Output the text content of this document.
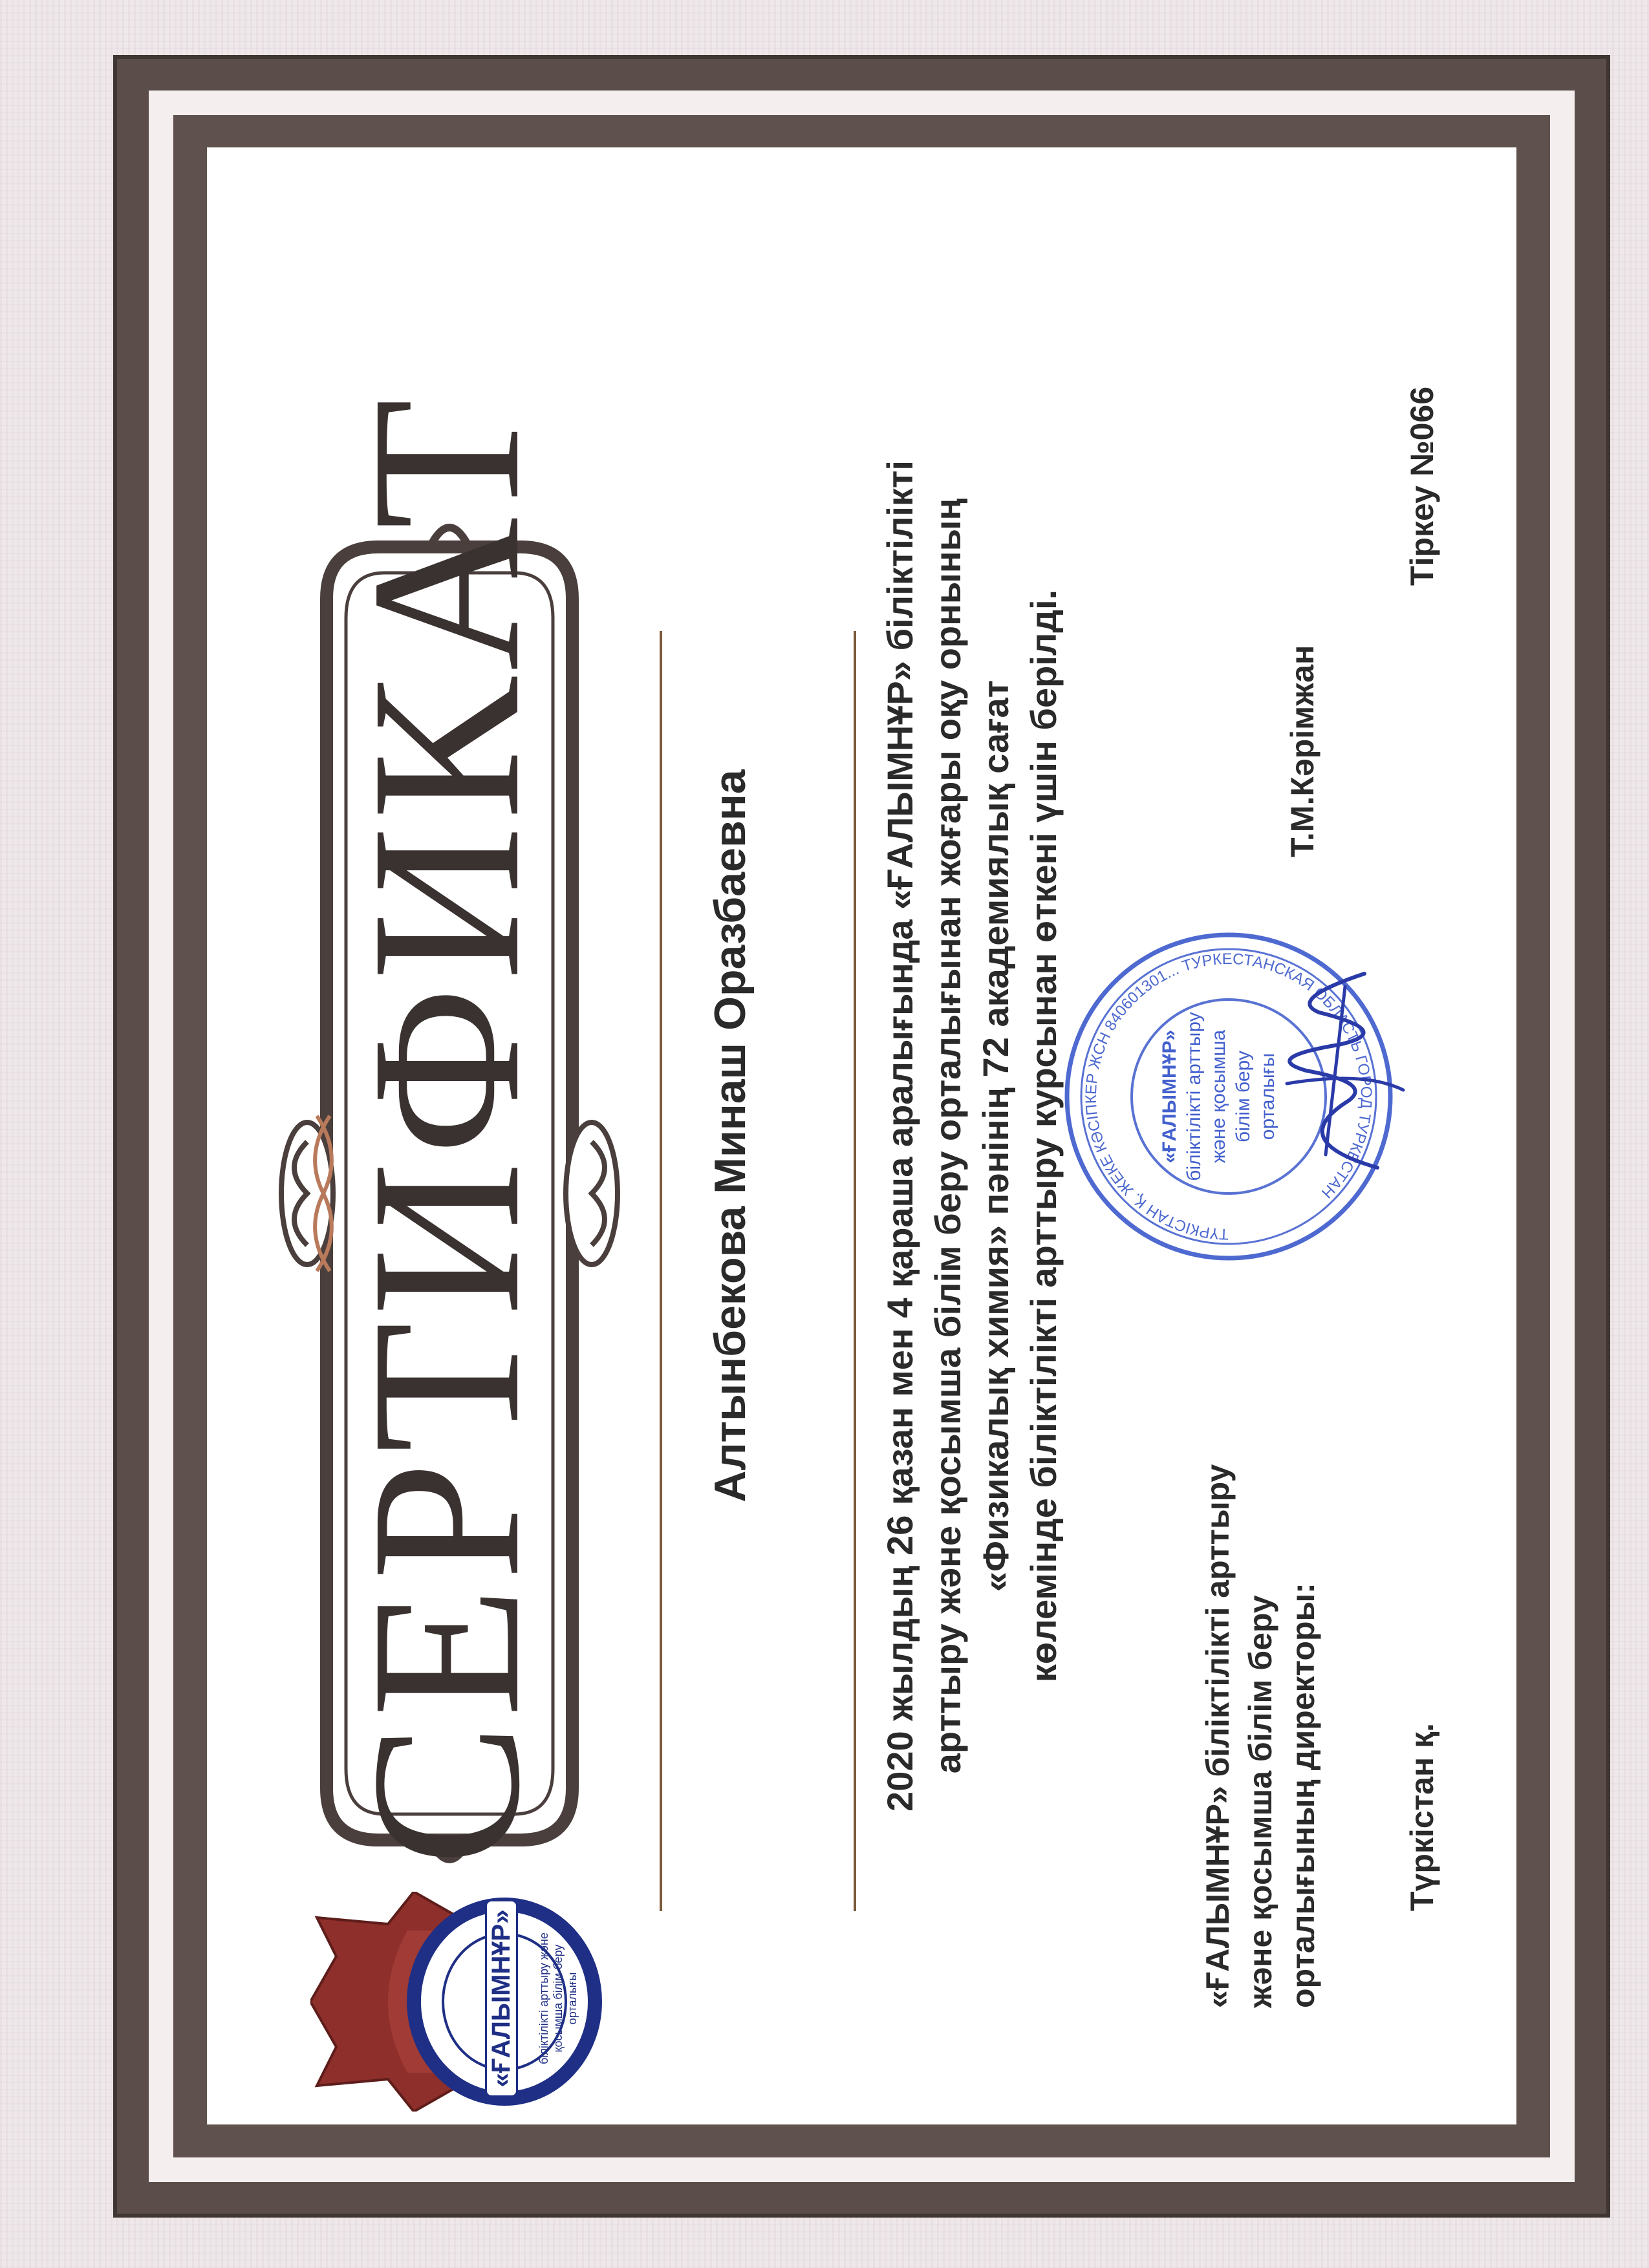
«ҒАЛЫМНҰР» біліктілікті арттыру және қосымша білім беру орталығы
СЕРТИФИКАТ	Алтынбекова Минаш Оразбаевна	2020 жылдың 26 қазан мен 4 қараша аралығында «ҒАЛЫМНҰР» біліктілікті арттыру және қосымша білім беру орталығынан жоғары оқу орнының «Физикалық химия» пәнінің 72 академиялық сағат көлемінде біліктілікті арттыру курсынан өткені үшін берілді.
«ҒАЛЫМНҰР» біліктілікті арттыру және қосымша білім беру орталығының директоры:
ТҮРКІСТАН Қ. ЖЕКЕ КӘСІПКЕР ЖСН 840601301... ТУРКЕСТАНСКАЯ ОБЛАСТЬ ГОРОД ТУРКЕСТАН
«ҒАЛЫМНҰР» біліктілікті арттыру және қосымша білім беру орталығы
Т.М.Кәрімжан
Түркістан қ.
Тіркеу №066
